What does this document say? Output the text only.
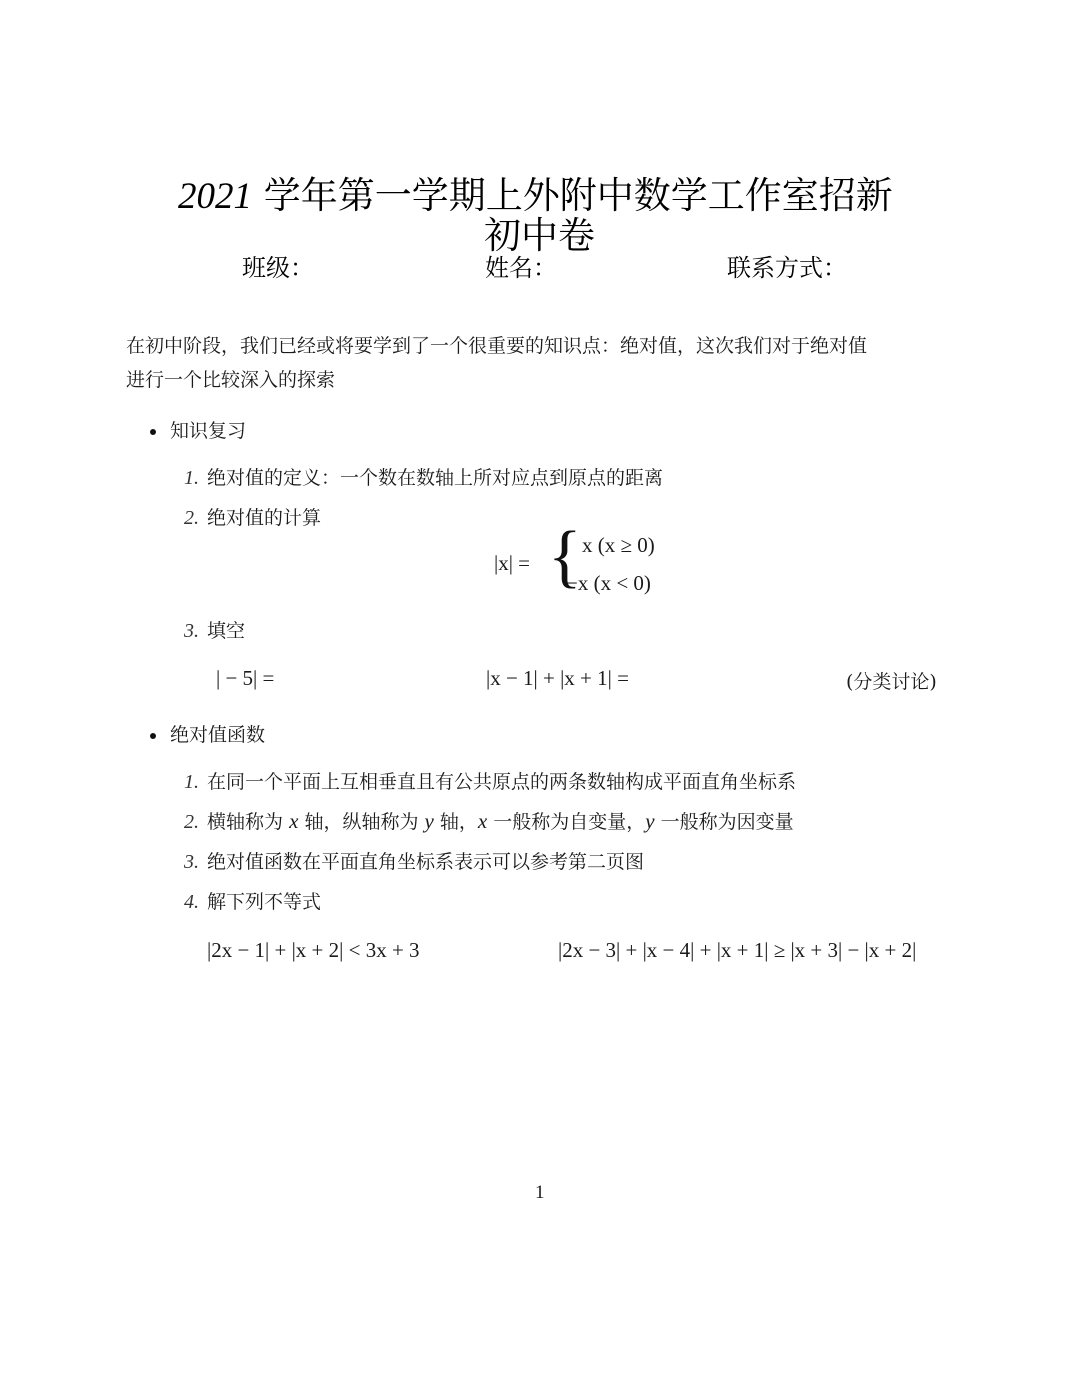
2021 学年第一学期上外附中数学工作室招新
初中卷
班级：	姓名：	联系方式：
在初中阶段，我们已经或将要学到了一个很重要的知识点：绝对值，这次我们对于绝对值
进行一个比较深入的探索
知识复习
1. 绝对值的定义：一个数在数轴上所对应点到原点的距离
2. 绝对值的计算
|x| = { x (x ≥ 0)
−x (x < 0)
3. 填空
| − 5| =	|x − 1| + |x + 1| =	(分类讨论)
绝对值函数
1. 在同一个平面上互相垂直且有公共原点的两条数轴构成平面直角坐标系
2. 横轴称为 x 轴，纵轴称为 y 轴，x 一般称为自变量，y 一般称为因变量
3. 绝对值函数在平面直角坐标系表示可以参考第二页图
4. 解下列不等式
|2x − 1| + |x + 2| < 3x + 3	|2x − 3| + |x − 4| + |x + 1| ≥ |x + 3| − |x + 2|
1
